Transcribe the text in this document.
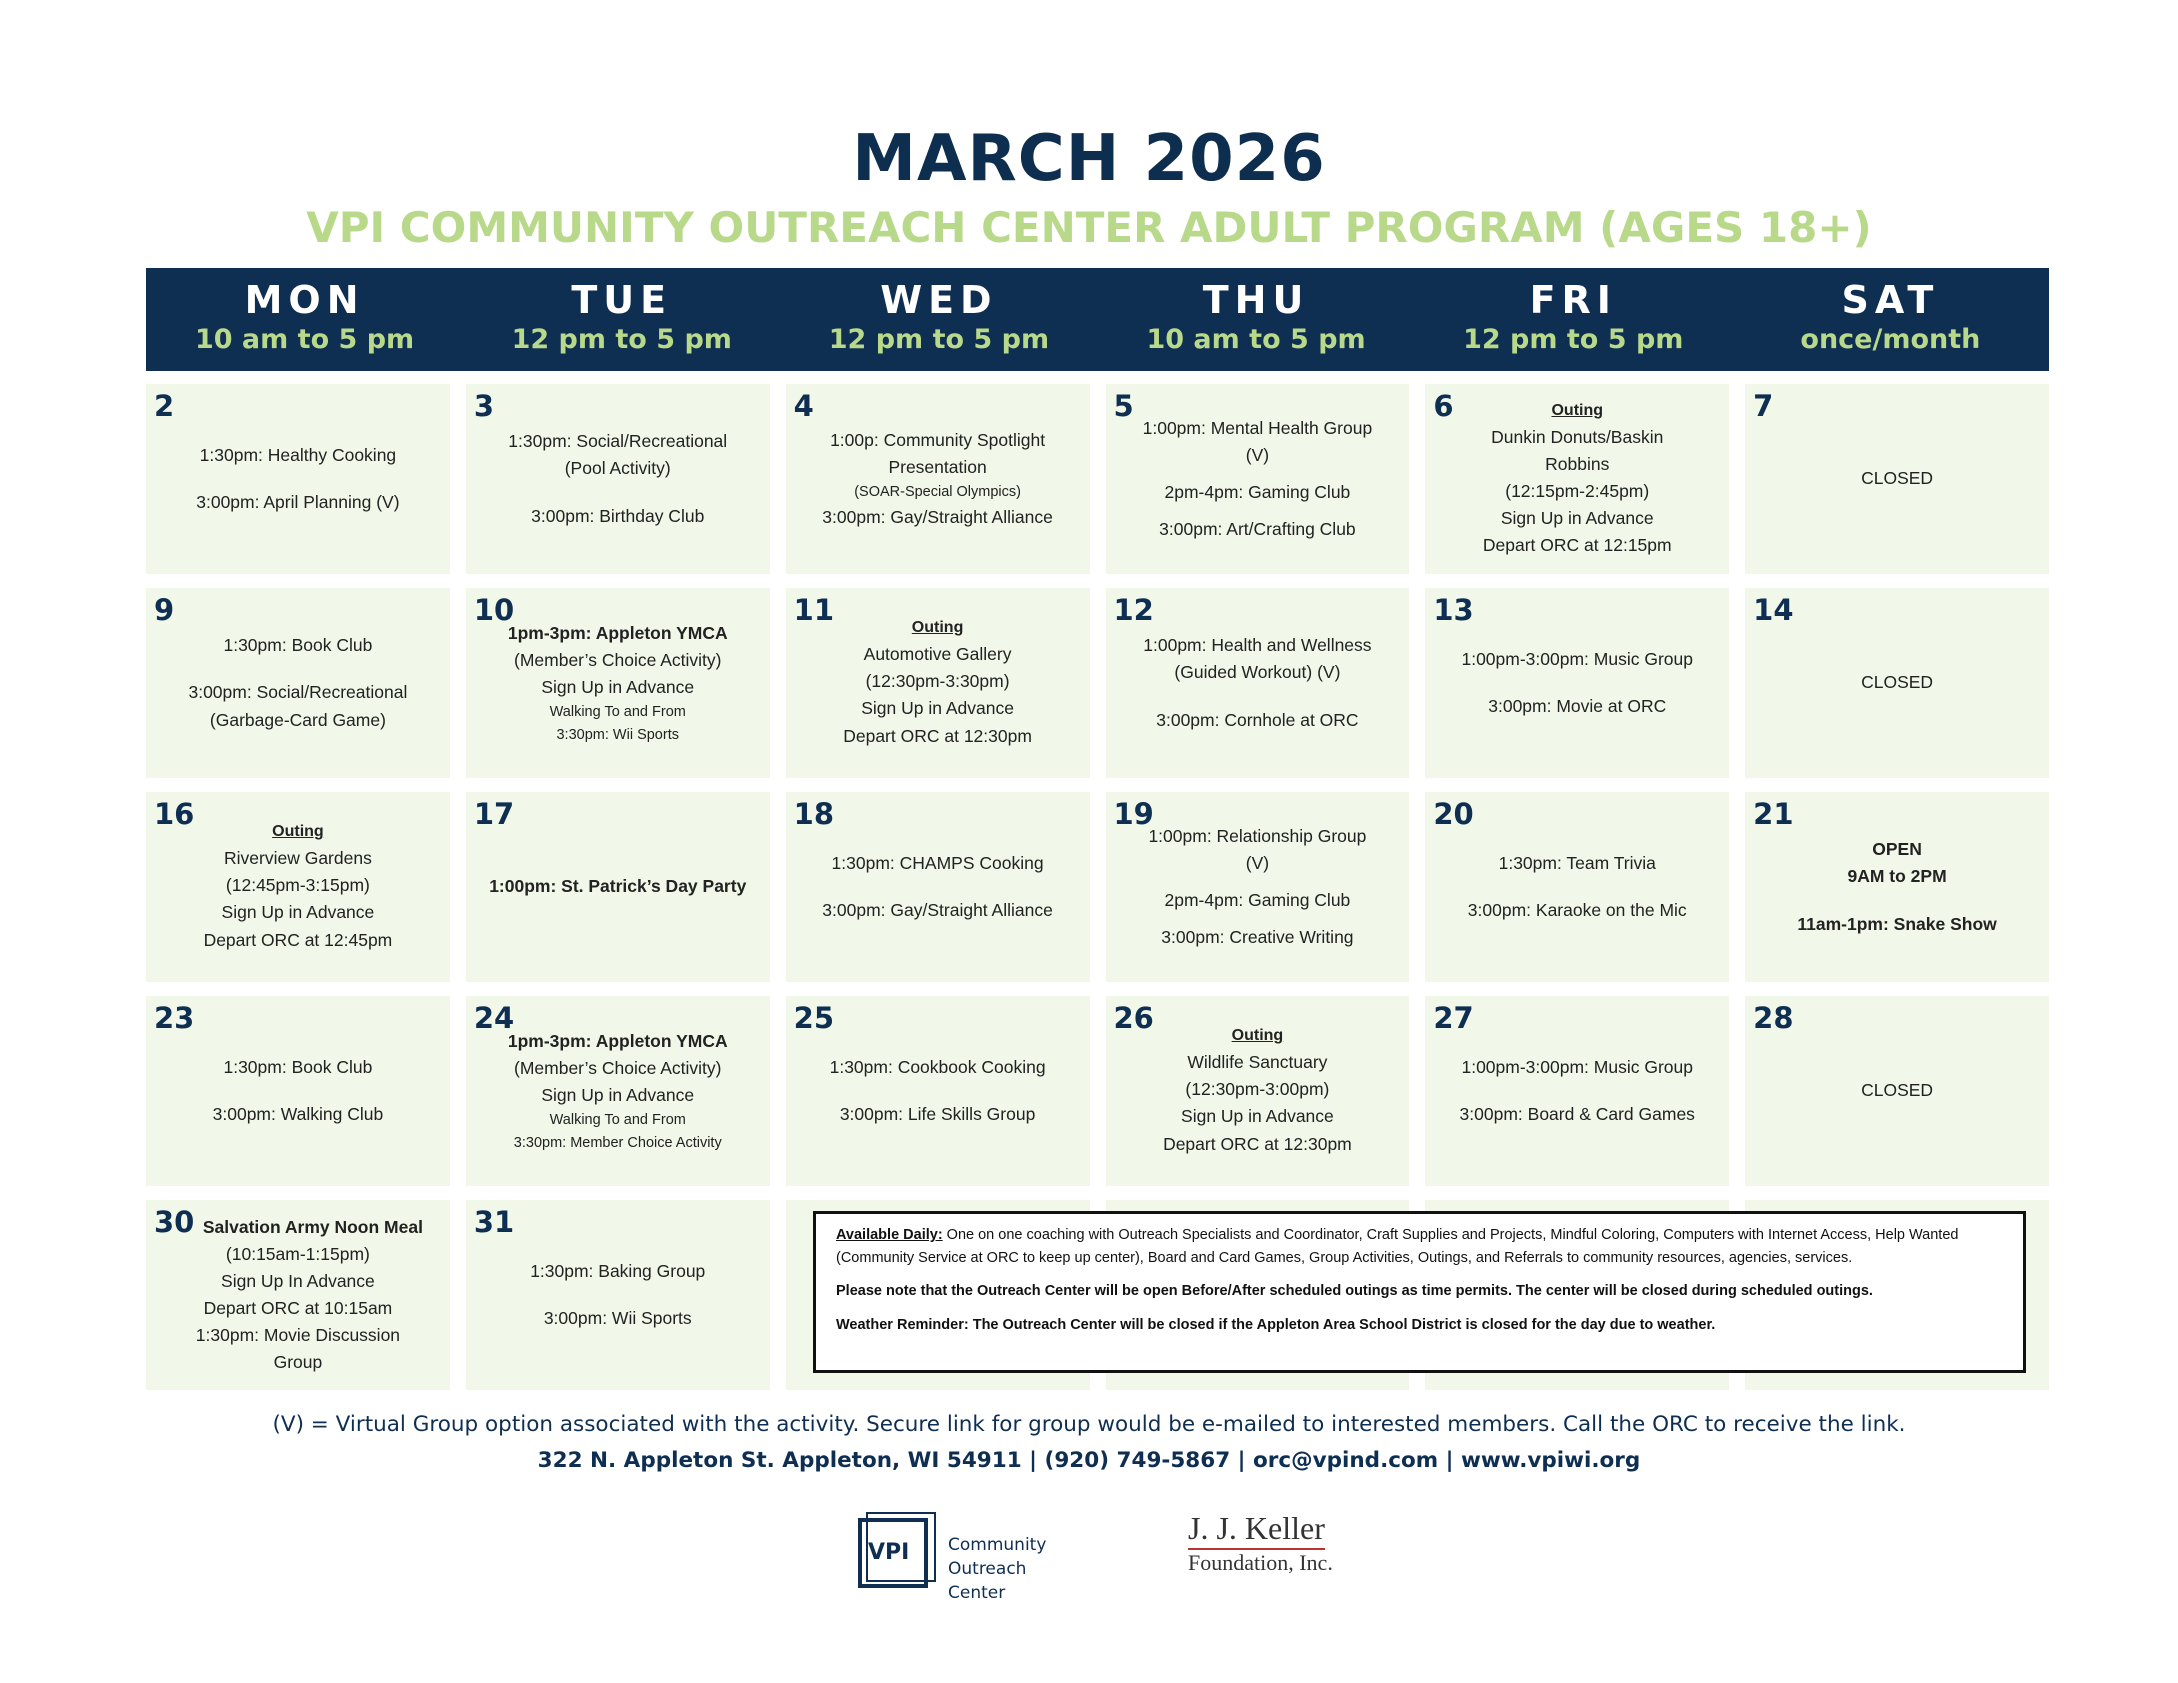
MARCH 2026
VPI COMMUNITY OUTREACH CENTER ADULT PROGRAM (AGES 18+)
MON
10 am to 5 pm
TUE
12 pm to 5 pm
WED
12 pm to 5 pm
THU
10 am to 5 pm
FRI
12 pm to 5 pm
SAT
once/month
2
1:30pm: Healthy Cooking
3:00pm: April Planning (V)
3
1:30pm: Social/Recreational
(Pool Activity)
3:00pm: Birthday Club
4
1:00p: Community Spotlight
Presentation
(SOAR-Special Olympics)
3:00pm: Gay/Straight Alliance
5
1:00pm: Mental Health Group
(V)
2pm-4pm: Gaming Club
3:00pm: Art/Crafting Club
6	Outing
Dunkin Donuts/Baskin
Robbins
(12:15pm-2:45pm)
Sign Up in Advance
Depart ORC at 12:15pm
7
CLOSED
9
1:30pm: Book Club
3:00pm: Social/Recreational
(Garbage-Card Game)
10
1pm-3pm: Appleton YMCA
(Member’s Choice Activity)
Sign Up in Advance
Walking To and From
3:30pm: Wii Sports
11
Outing
Automotive Gallery
(12:30pm-3:30pm)
Sign Up in Advance
Depart ORC at 12:30pm
12
1:00pm: Health and Wellness
(Guided Workout) (V)
3:00pm: Cornhole at ORC
13
1:00pm-3:00pm: Music Group
3:00pm: Movie at ORC
14
CLOSED
16
Outing
Riverview Gardens
(12:45pm-3:15pm)
Sign Up in Advance
Depart ORC at 12:45pm
17
1:00pm: St. Patrick’s Day Party
18
1:30pm: CHAMPS Cooking
3:00pm: Gay/Straight Alliance
19
1:00pm: Relationship Group
(V)
2pm-4pm: Gaming Club
3:00pm: Creative Writing
20
1:30pm: Team Trivia
3:00pm: Karaoke on the Mic
21
OPEN
9AM to 2PM
11am-1pm: Snake Show
23
1:30pm: Book Club
3:00pm: Walking Club
24
1pm-3pm: Appleton YMCA
(Member’s Choice Activity)
Sign Up in Advance
Walking To and From
3:30pm: Member Choice Activity
25
1:30pm: Cookbook Cooking
3:00pm: Life Skills Group
26
Outing
Wildlife Sanctuary
(12:30pm-3:00pm)
Sign Up in Advance
Depart ORC at 12:30pm
27
1:00pm-3:00pm: Music Group
3:00pm: Board & Card Games
28
CLOSED
30 Salvation Army Noon Meal
(10:15am-1:15pm)
Sign Up In Advance
Depart ORC at 10:15am
1:30pm: Movie Discussion
Group
31
1:30pm: Baking Group
3:00pm: Wii Sports

Available Daily: One on one coaching with Outreach Specialists and Coordinator, Craft Supplies and Projects, Mindful Coloring, Computers with Internet Access, Help Wanted (Community Service at ORC to keep up center), Board and Card Games, Group Activities, Outings, and Referrals to community resources, agencies, services.

Please note that the Outreach Center will be open Before/After scheduled outings as time permits. The center will be closed during scheduled outings.

Weather Reminder: The Outreach Center will be closed if the Appleton Area School District is closed for the day due to weather.

(V) = Virtual Group option associated with the activity. Secure link for group would be e-mailed to interested members. Call the ORC to receive the link.
322 N. Appleton St. Appleton, WI 54911 | (920) 749-5867 | orc@vpind.com | www.vpiwi.org
VPI Community
Outreach Center
J. J. Keller
Foundation, Inc.
